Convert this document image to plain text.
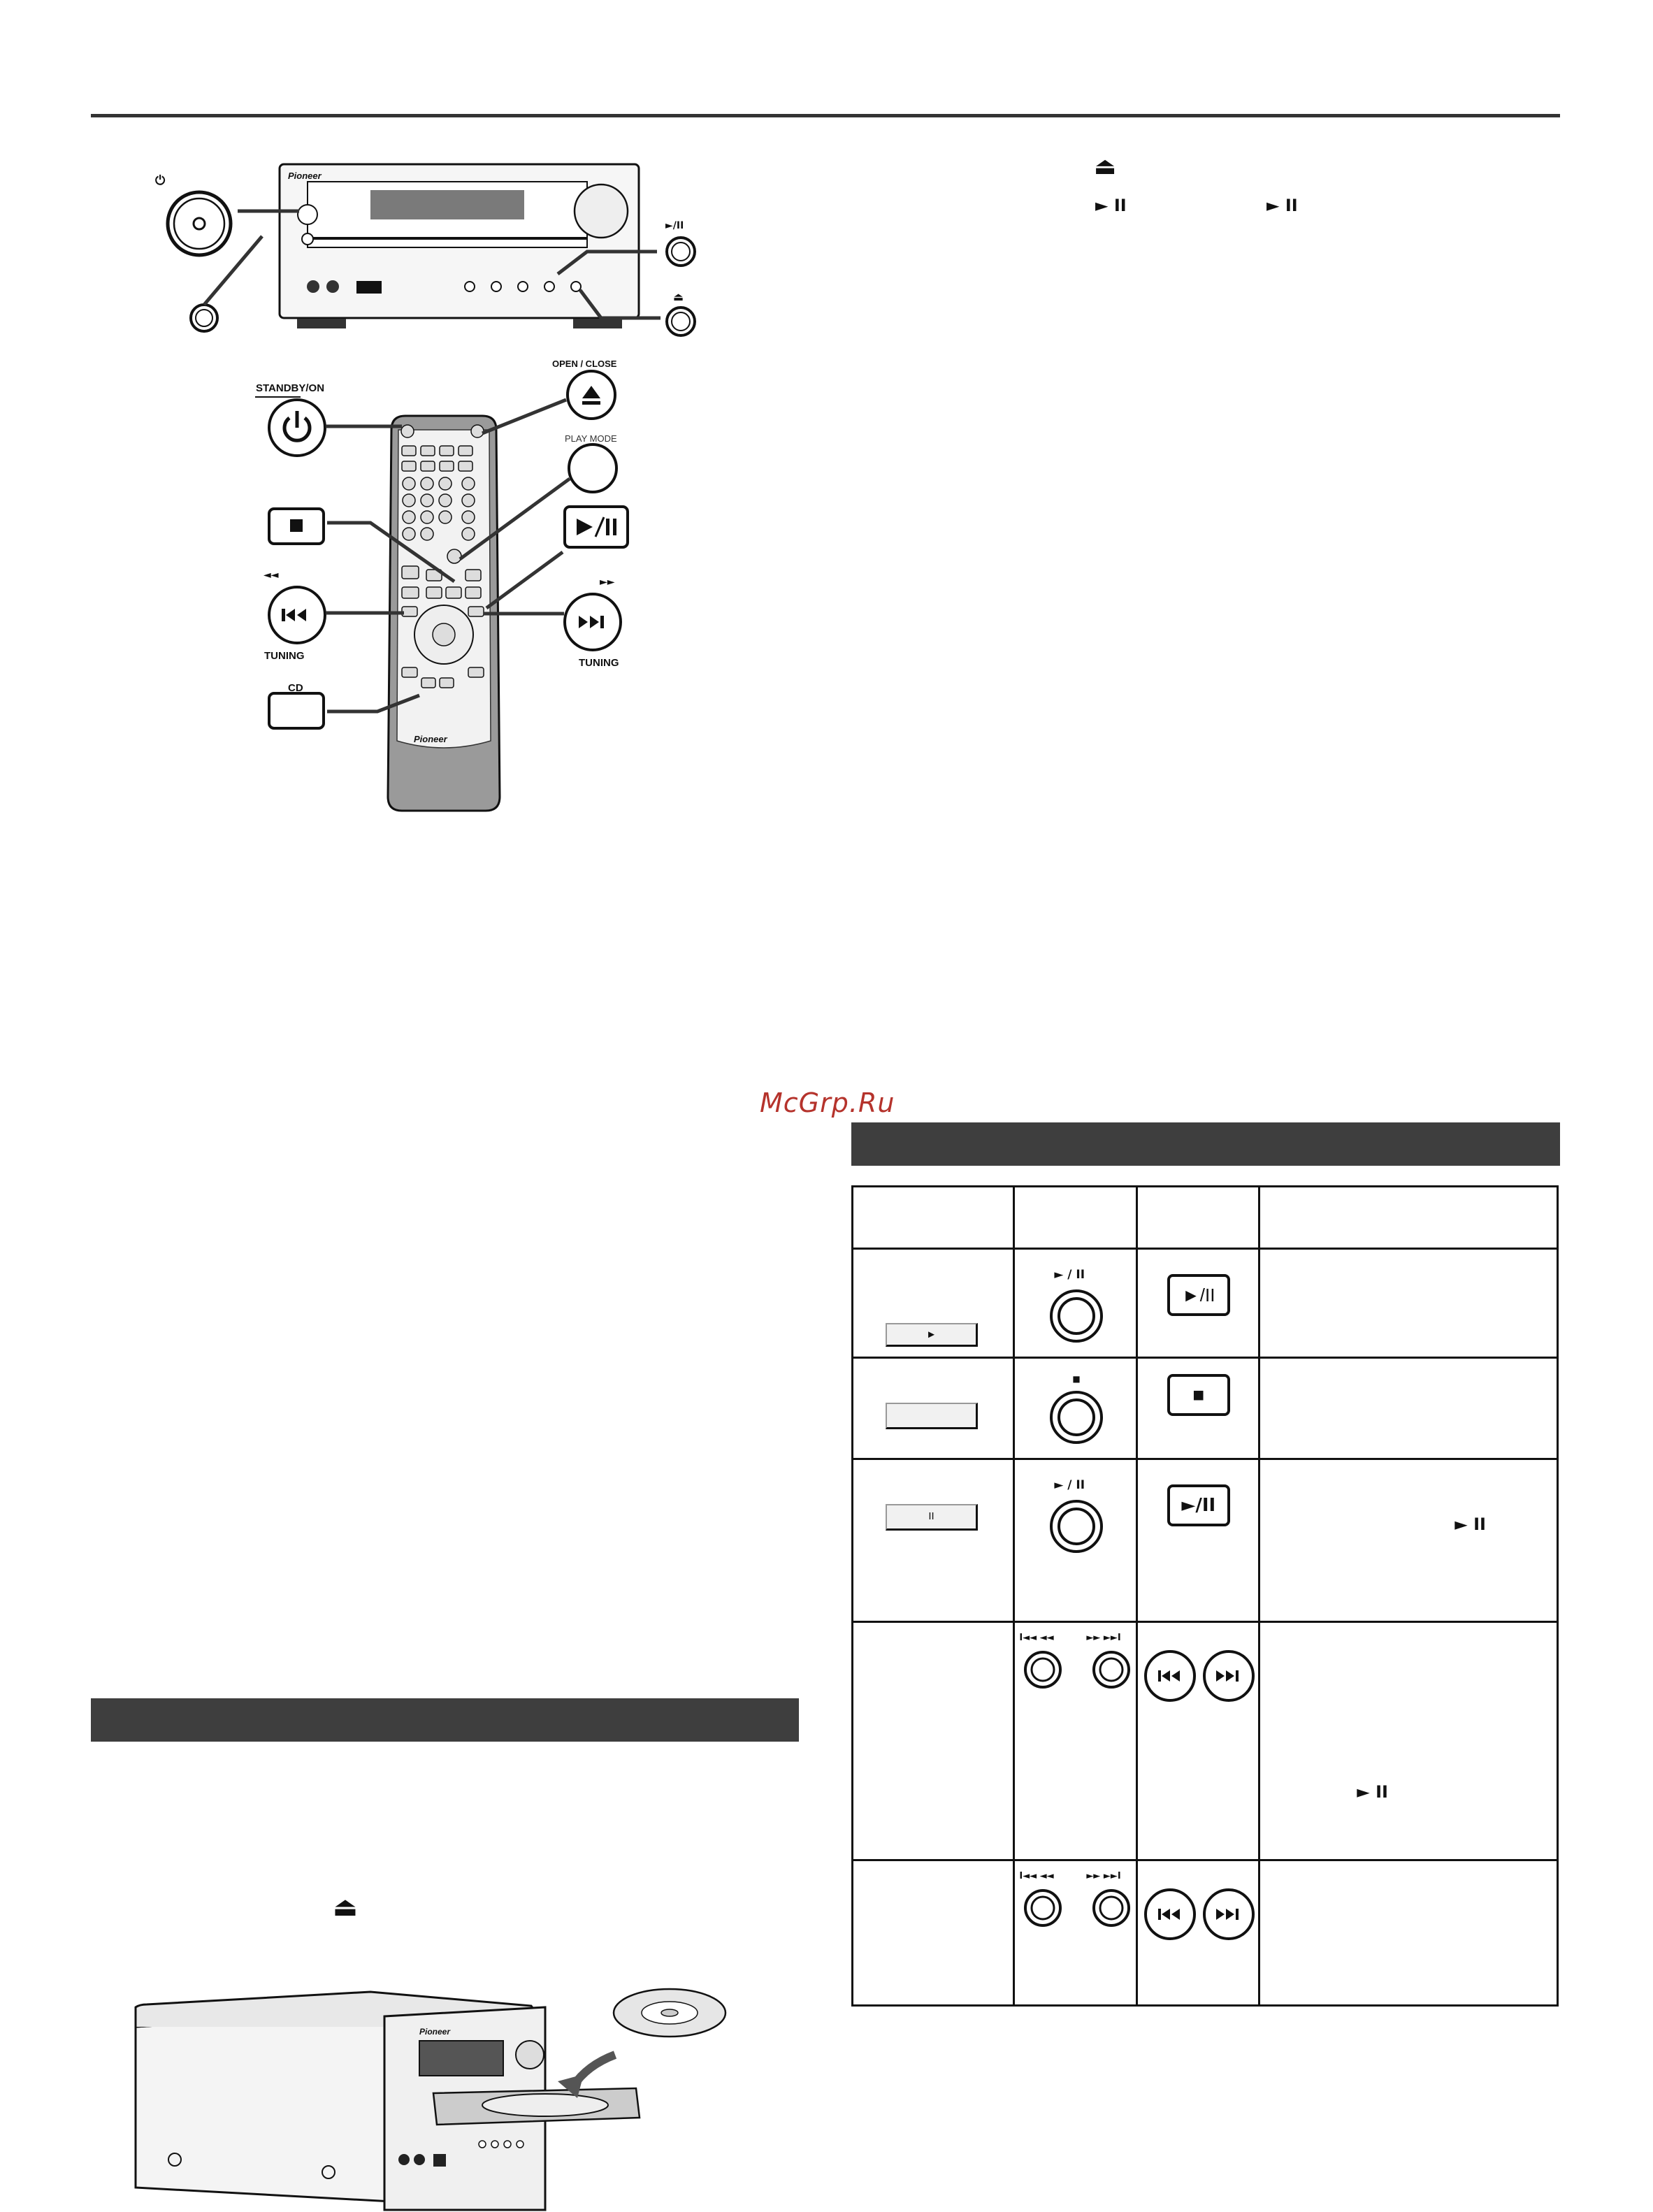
⏻	Pioneer
►/II
⏏
STANDBY/ON
OPEN / CLOSE
PLAY MODE
◄◄
►►
TUNING
TUNING
CD
Pioneer
⏏
► II	► II
McGrp.Ru

►	► / II	►/II	

	■	■	

II	► / II	►/II	► II

	I◄◄ ◄◄ ►► ►►I		► II

	I◄◄ ◄◄ ►► ►►I

⏏
Pioneer
